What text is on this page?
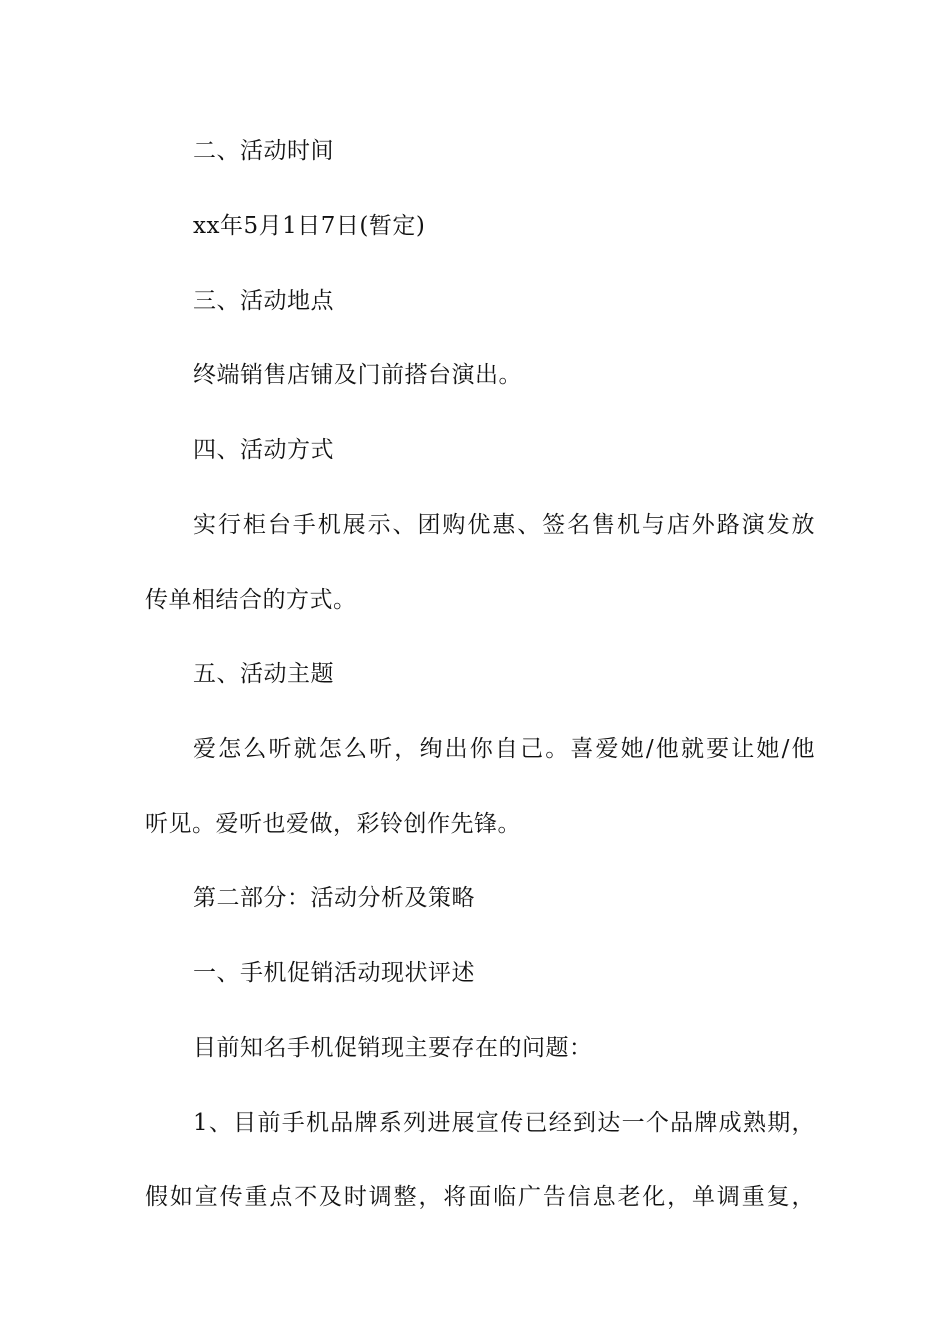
二、活动时间
xx年5月1日7日(暂定)
三、活动地点
终端销售店铺及门前搭台演出。
四、活动方式
实行柜台手机展示、团购优惠、签名售机与店外路演发放
传单相结合的方式。
五、活动主题
爱怎么听就怎么听，绚出你自己。喜爱她/他就要让她/他
听见。爱听也爱做，彩铃创作先锋。
第二部分：活动分析及策略
一、手机促销活动现状评述
目前知名手机促销现主要存在的问题：
1、目前手机品牌系列进展宣传已经到达一个品牌成熟期，
假如宣传重点不及时调整，将面临广告信息老化，单调重复，
